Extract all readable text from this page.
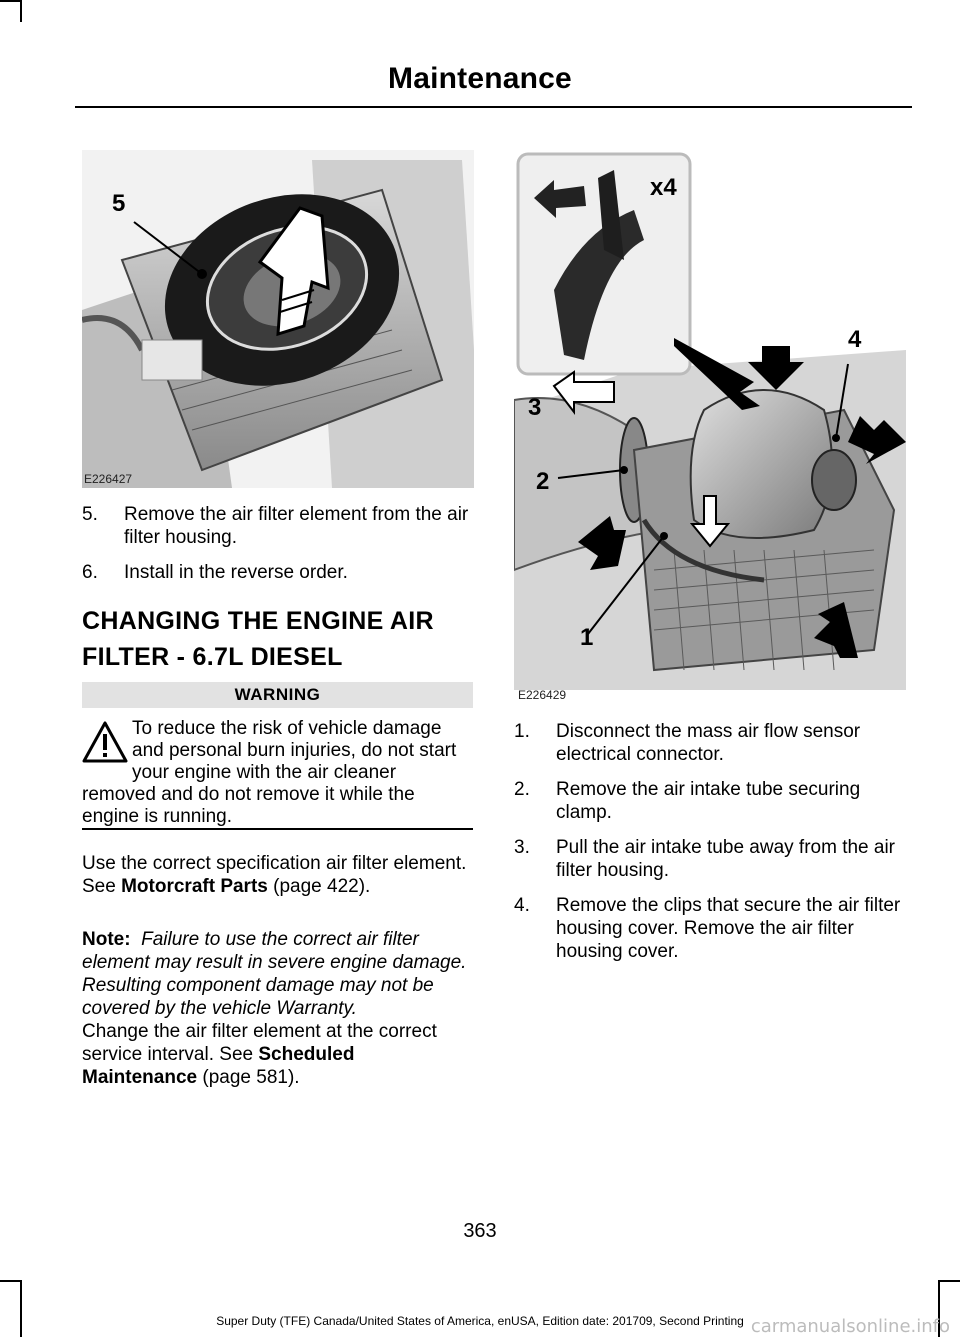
Maintenance
5
E226427
x4
4
3
2
1
E226429
5. Remove the air filter element from the air filter housing.
6. Install in the reverse order.
CHANGING THE ENGINE AIR
FILTER - 6.7L DIESEL
WARNING
To reduce the risk of vehicle damage and personal burn injuries, do not start your engine with the air cleaner removed and do not remove it while the engine is running.
Use the correct specification air filter element. See Motorcraft Parts (page 422).
Note: Failure to use the correct air filter element may result in severe engine damage. Resulting component damage may not be covered by the vehicle Warranty.
Change the air filter element at the correct service interval. See Scheduled Maintenance (page 581).
1. Disconnect the mass air flow sensor electrical connector.
2. Remove the air intake tube securing clamp.
3. Pull the air intake tube away from the air filter housing.
4. Remove the clips that secure the air filter housing cover. Remove the air filter housing cover.
363
Super Duty (TFE) Canada/United States of America, enUSA, Edition date: 201709, Second Printing carmanualsonline.info
